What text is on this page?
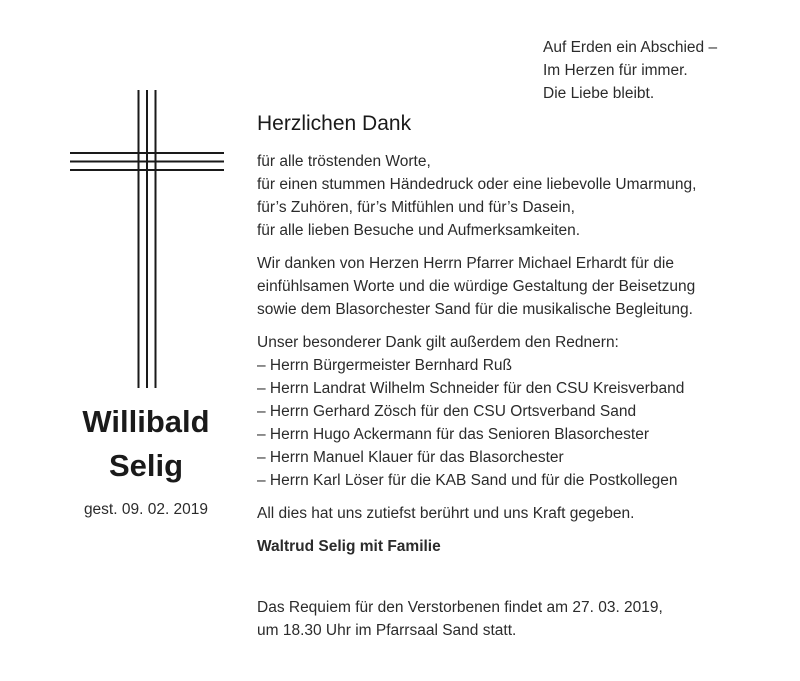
Auf Erden ein Abschied –
Im Herzen für immer.
Die Liebe bleibt.
Willibald
Selig
gest. 09. 02. 2019
Herzlichen Dank
für alle tröstenden Worte,
für einen stummen Händedruck oder eine liebevolle Umarmung,
für’s Zuhören, für’s Mitfühlen und für’s Dasein,
für alle lieben Besuche und Aufmerksamkeiten.
Wir danken von Herzen Herrn Pfarrer Michael Erhardt für die
einfühlsamen Worte und die würdige Gestaltung der Beisetzung
sowie dem Blasorchester Sand für die musikalische Begleitung.
Unser besonderer Dank gilt außerdem den Rednern:
– Herrn Bürgermeister Bernhard Ruß
– Herrn Landrat Wilhelm Schneider für den CSU Kreisverband
– Herrn Gerhard Zösch für den CSU Ortsverband Sand
– Herrn Hugo Ackermann für das Senioren Blasorchester
– Herrn Manuel Klauer für das Blasorchester
– Herrn Karl Löser für die KAB Sand und für die Postkollegen
All dies hat uns zutiefst berührt und uns Kraft gegeben.
Waltrud Selig mit Familie
Das Requiem für den Verstorbenen findet am 27. 03. 2019,
um 18.30 Uhr im Pfarrsaal Sand statt.
